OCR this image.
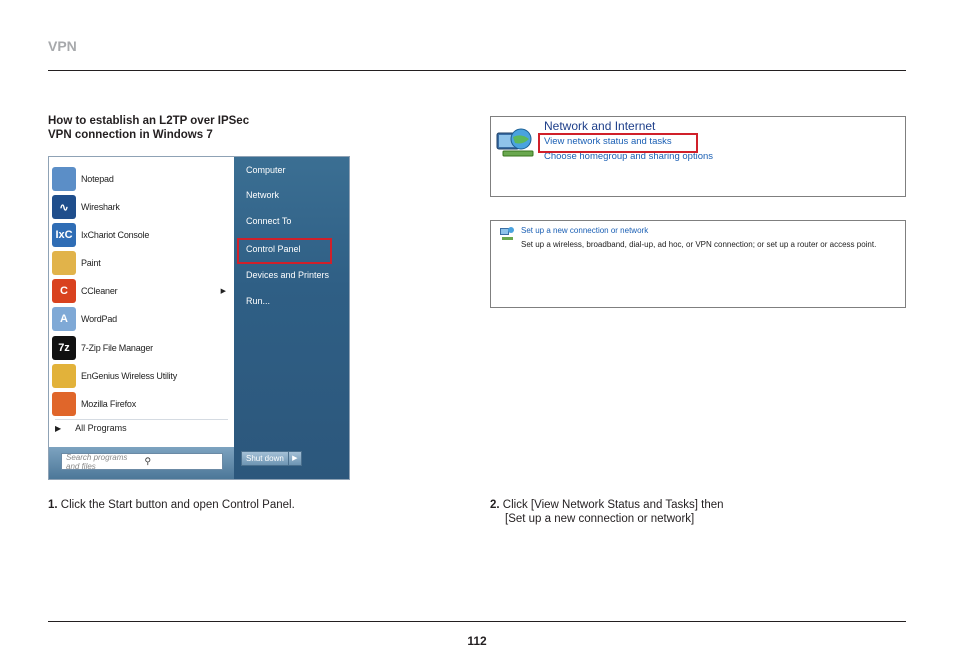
VPN
How to establish an L2TP over IPSec
VPN connection in Windows 7
Notepad
∿	Wireshark
IxC IxChariot Console
Paint
C	CCleaner	▶
A	WordPad
7z	7-Zip File Manager
EnGenius Wireless Utility
Mozilla Firefox
▶ All Programs
Search programs and files	⚲
Computer
Network
Connect To
Control Panel
Devices and Printers
Run...
Shut down	▶
Network and Internet
View network status and tasks
Choose homegroup and sharing options
Set up a new connection or network
Set up a wireless, broadband, dial-up, ad hoc, or VPN connection; or set up a router or access point.
1. Click the Start button and open Control Panel.	2. Click [View Network Status and Tasks] then
[Set up a new connection or network]
112
